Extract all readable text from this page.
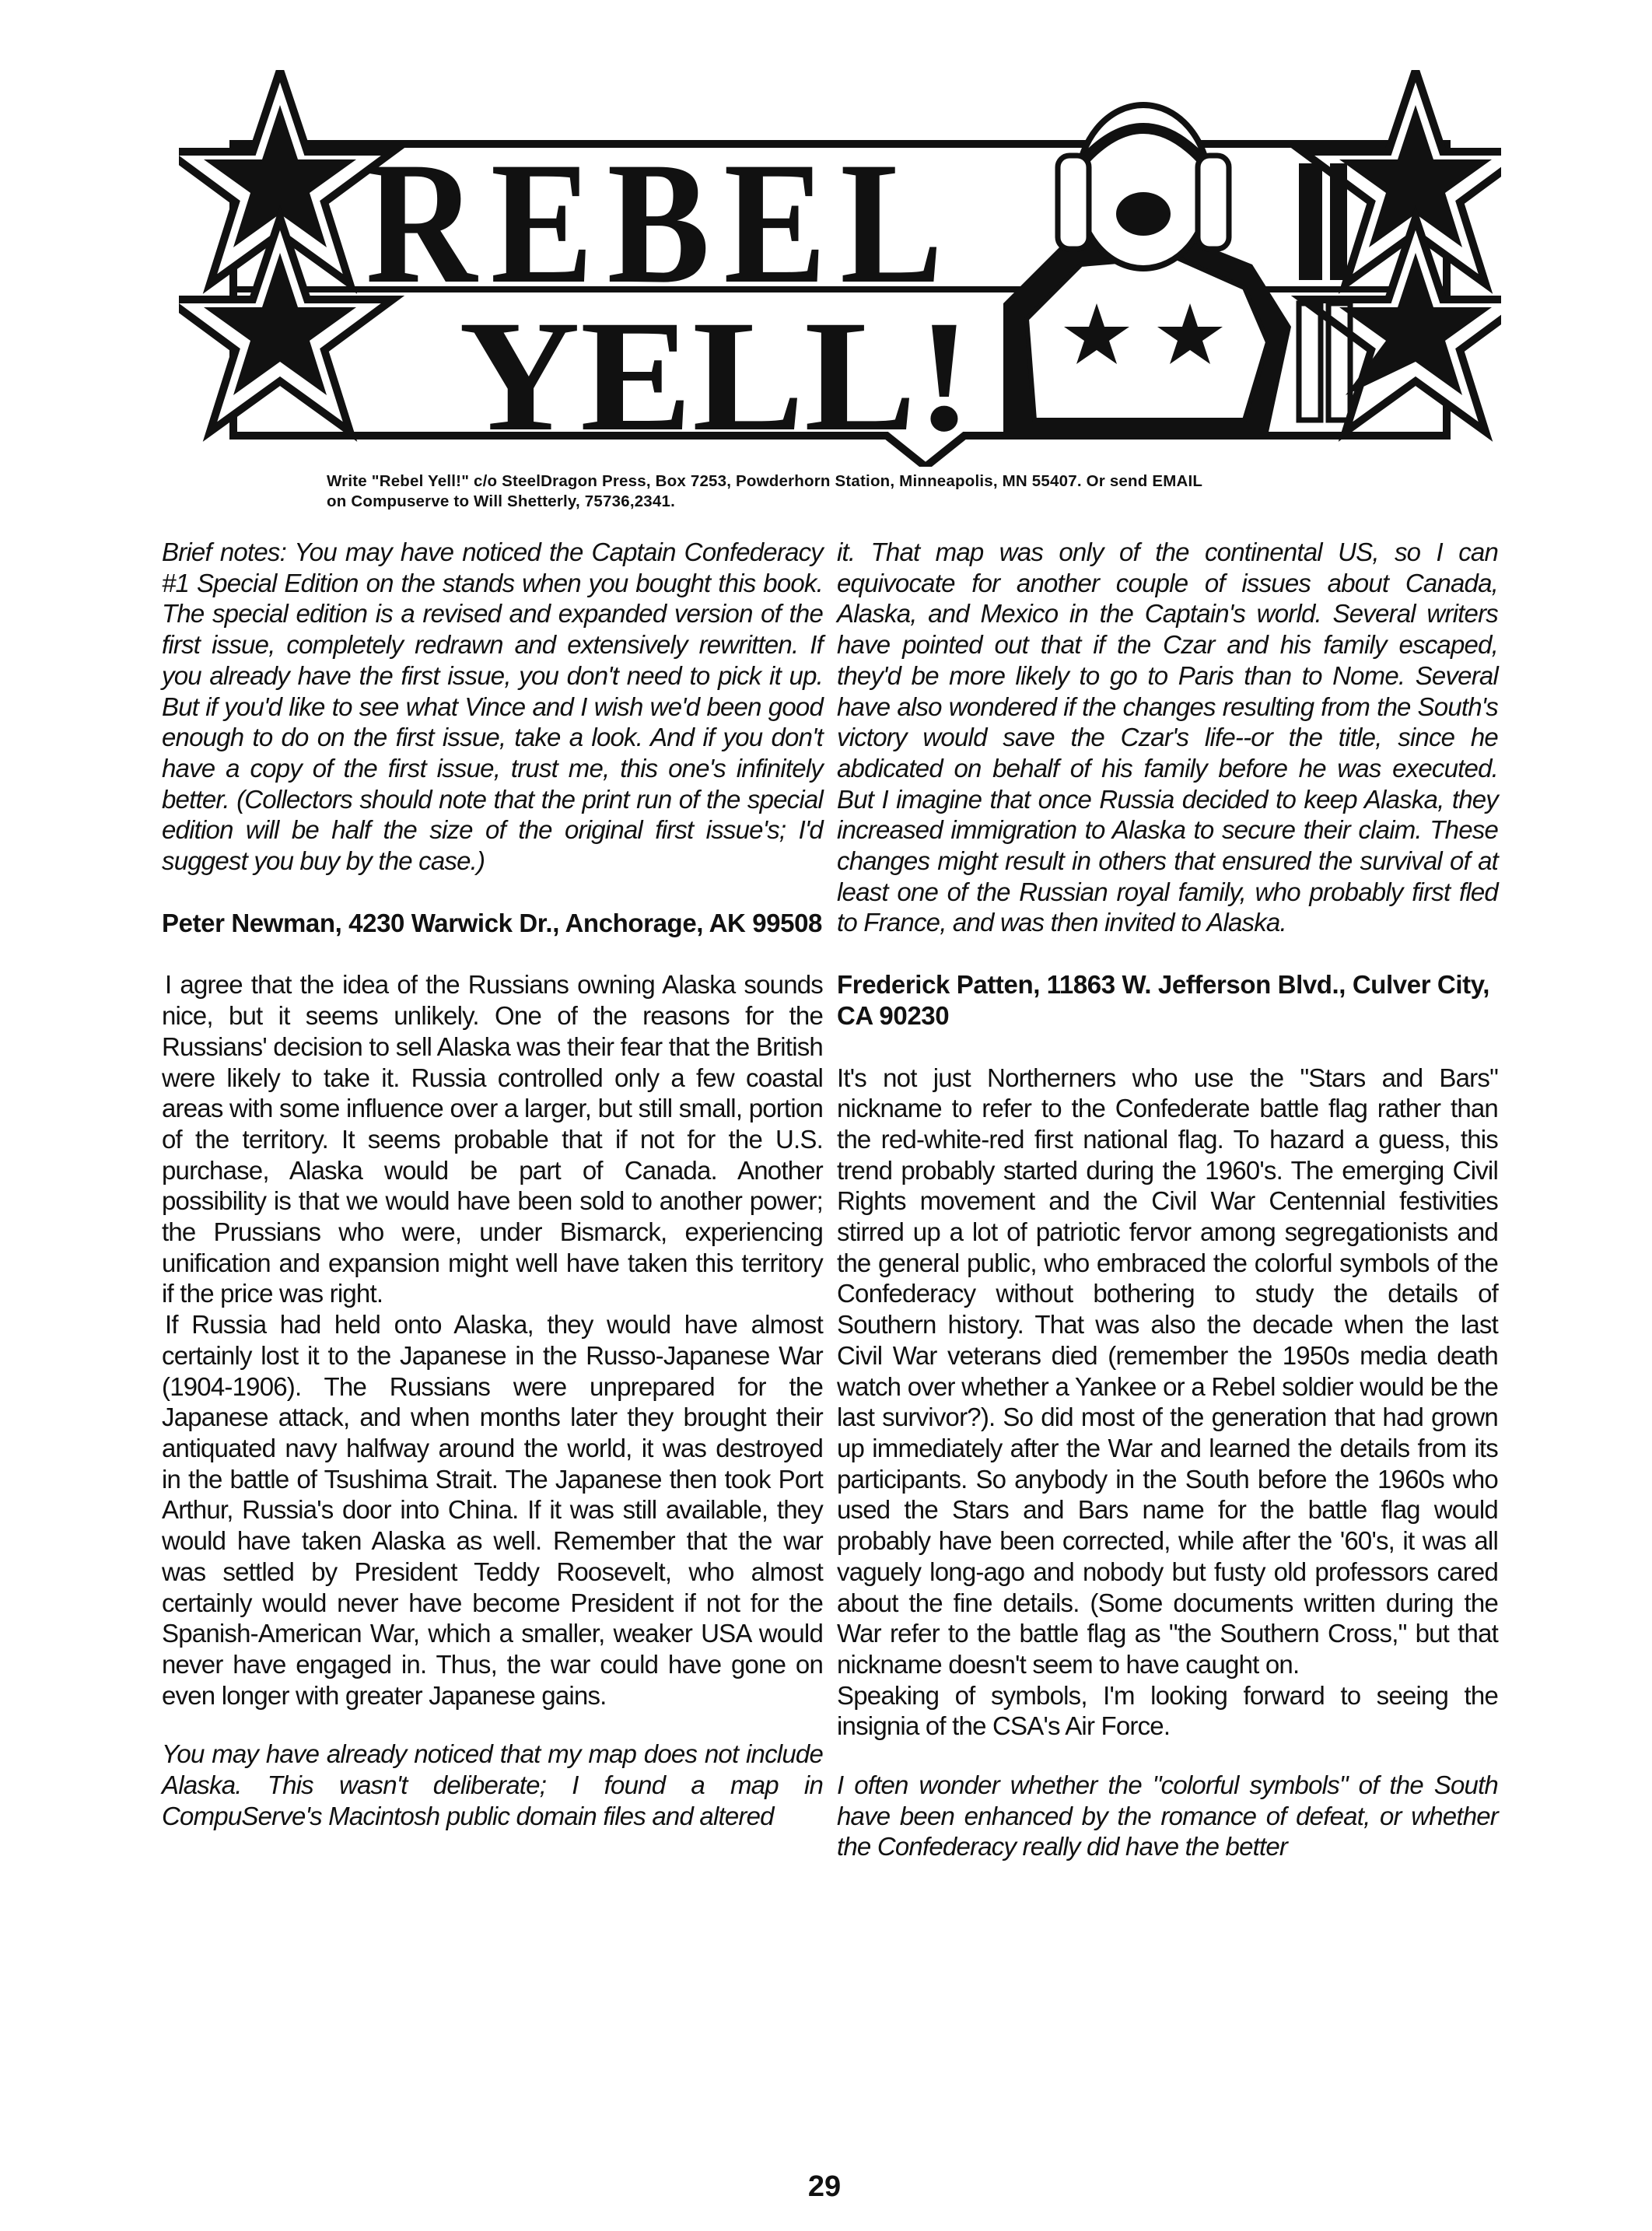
REBEL
YELL!

Write "Rebel Yell!" c/o SteelDragon Press, Box 7253, Powderhorn Station, Minneapolis, MN 55407. Or send EMAIL
on Compuserve to Will Shetterly, 75736,2341.

Brief notes: You may have noticed the Captain Confederacy #1 Special Edition on the stands when you bought this book. The special edition is a revised and expanded version of the first issue, completely redrawn and extensively rewritten. If you already have the first issue, you don't need to pick it up. But if you'd like to see what Vince and I wish we'd been good enough to do on the first issue, take a look. And if you don't have a copy of the first issue, trust me, this one's infinitely better. (Collectors should note that the print run of the special edition will be half the size of the original first issue's; I'd suggest you buy by the case.)

Peter Newman, 4230 Warwick Dr., Anchorage, AK 99508

I agree that the idea of the Russians owning Alaska sounds nice, but it seems unlikely. One of the reasons for the Russians' decision to sell Alaska was their fear that the British were likely to take it. Russia controlled only a few coastal areas with some influence over a larger, but still small, portion of the territory. It seems probable that if not for the U.S. purchase, Alaska would be part of Canada. Another possibility is that we would have been sold to another power; the Prussians who were, under Bismarck, experiencing unification and expansion might well have taken this territory if the price was right.

If Russia had held onto Alaska, they would have almost certainly lost it to the Japanese in the Russo-Japanese War (1904-1906). The Russians were unprepared for the Japanese attack, and when months later they brought their antiquated navy halfway around the world, it was destroyed in the battle of Tsushima Strait. The Japanese then took Port Arthur, Russia's door into China. If it was still available, they would have taken Alaska as well. Remember that the war was settled by President Teddy Roosevelt, who almost certainly would never have become President if not for the Spanish-American War, which a smaller, weaker USA would never have engaged in. Thus, the war could have gone on even longer with greater Japanese gains.

You may have already noticed that my map does not include Alaska. This wasn't deliberate; I found a map in CompuServe's Macintosh public domain files and altered

it. That map was only of the continental US, so I can equivocate for another couple of issues about Canada, Alaska, and Mexico in the Captain's world. Several writers have pointed out that if the Czar and his family escaped, they'd be more likely to go to Paris than to Nome. Several have also wondered if the changes resulting from the South's victory would save the Czar's life--or the title, since he abdicated on behalf of his family before he was executed. But I imagine that once Russia decided to keep Alaska, they increased immigration to Alaska to secure their claim. These changes might result in others that ensured the survival of at least one of the Russian royal family, who probably first fled to France, and was then invited to Alaska.

Frederick Patten, 11863 W. Jefferson Blvd., Culver City, CA 90230

It's not just Northerners who use the "Stars and Bars" nickname to refer to the Confederate battle flag rather than the red-white-red first national flag. To hazard a guess, this trend probably started during the 1960's. The emerging Civil Rights movement and the Civil War Centennial festivities stirred up a lot of patriotic fervor among segregationists and the general public, who embraced the colorful symbols of the Confederacy without bothering to study the details of Southern history. That was also the decade when the last Civil War veterans died (remember the 1950s media death watch over whether a Yankee or a Rebel soldier would be the last survivor?). So did most of the generation that had grown up immediately after the War and learned the details from its participants. So anybody in the South before the 1960s who used the Stars and Bars name for the battle flag would probably have been corrected, while after the '60's, it was all vaguely long-ago and nobody but fusty old professors cared about the fine details. (Some documents written during the War refer to the battle flag as "the Southern Cross," but that nickname doesn't seem to have caught on.

Speaking of symbols, I'm looking forward to seeing the insignia of the CSA's Air Force.

I often wonder whether the "colorful symbols" of the South have been enhanced by the romance of defeat, or whether the Confederacy really did have the better

29
